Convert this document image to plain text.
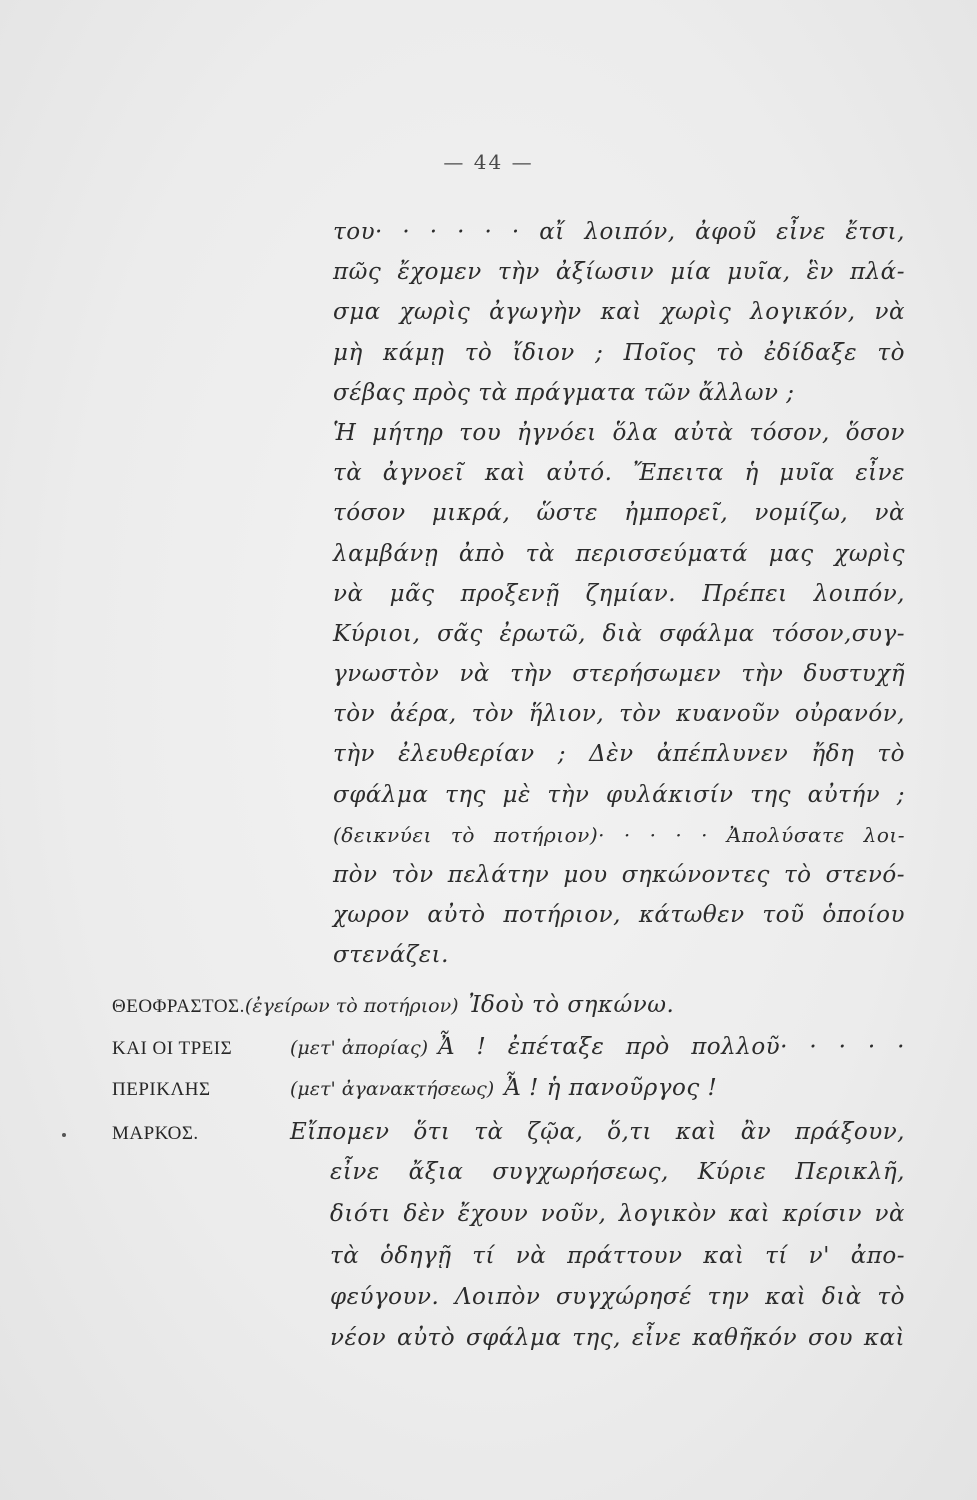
— 44 —
του· · · · · · αἴ λοιπόν, ἀφοῦ εἶνε ἔτσι,
πῶς ἔχομεν τὴν ἀξίωσιν μία μυῖα, ἓν πλά-
σμα χωρὶς ἀγωγὴν καὶ χωρὶς λογικόν, νὰ
μὴ κάμῃ τὸ ἴδιον ; Ποῖος τὸ ἐδίδαξε τὸ
σέβας πρὸς τὰ πράγματα τῶν ἄλλων ;
Ἡ μήτηρ του ἠγνόει ὅλα αὐτὰ τόσον, ὅσον
τὰ ἀγνοεῖ καὶ αὐτό. Ἔπειτα ἡ μυῖα εἶνε
τόσον μικρά, ὥστε ἠμπορεῖ, νομίζω, νὰ
λαμβάνῃ ἀπὸ τὰ περισσεύματά μας χωρὶς
νὰ μᾶς προξενῇ ζημίαν. Πρέπει λοιπόν,
Κύριοι, σᾶς ἐρωτῶ, διὰ σφάλμα τόσον,συγ-
γνωστὸν νὰ τὴν στερήσωμεν τὴν δυστυχῆ
τὸν ἀέρα, τὸν ἥλιον, τὸν κυανοῦν οὐρανόν,
τὴν ἐλευθερίαν ; Δὲν ἀπέπλυνεν ἤδη τὸ
σφάλμα της μὲ τὴν φυλάκισίν της αὐτήν ;
(δεικνύει τὸ ποτήριον)· · · · · Ἀπολύσατε λοι-
πὸν τὸν πελάτην μου σηκώνοντες τὸ στενό-
χωρον αὐτὸ ποτήριον, κάτωθεν τοῦ ὁποίου
στενάζει.
ΘΕΟΦΡΑΣΤΟΣ. (ἐγείρων τὸ ποτήριον) Ἰδοὺ τὸ σηκώνω.
ΚΑΙ ΟΙ ΤΡΕΙΣ	(μετ' ἀπορίας) Ἆ ! ἐπέταξε πρὸ πολλοῦ· · · · ·
ΠΕΡΙΚΛΗΣ	(μετ' ἀγανακτήσεως) Ἆ ! ἡ πανοῦργος !
ΜΑΡΚΟΣ.	Εἴπομεν ὅτι τὰ ζῷα, ὅ,τι καὶ ἂν πράξουν,
εἶνε ἄξια συγχωρήσεως, Κύριε Περικλῆ,
διότι δὲν ἔχουν νοῦν, λογικὸν καὶ κρίσιν νὰ
τὰ ὁδηγῇ τί νὰ πράττουν καὶ τί ν' ἀπο-
φεύγουν. Λοιπὸν συγχώρησέ την καὶ διὰ τὸ
νέον αὐτὸ σφάλμα της, εἶνε καθῆκόν σου καὶ
